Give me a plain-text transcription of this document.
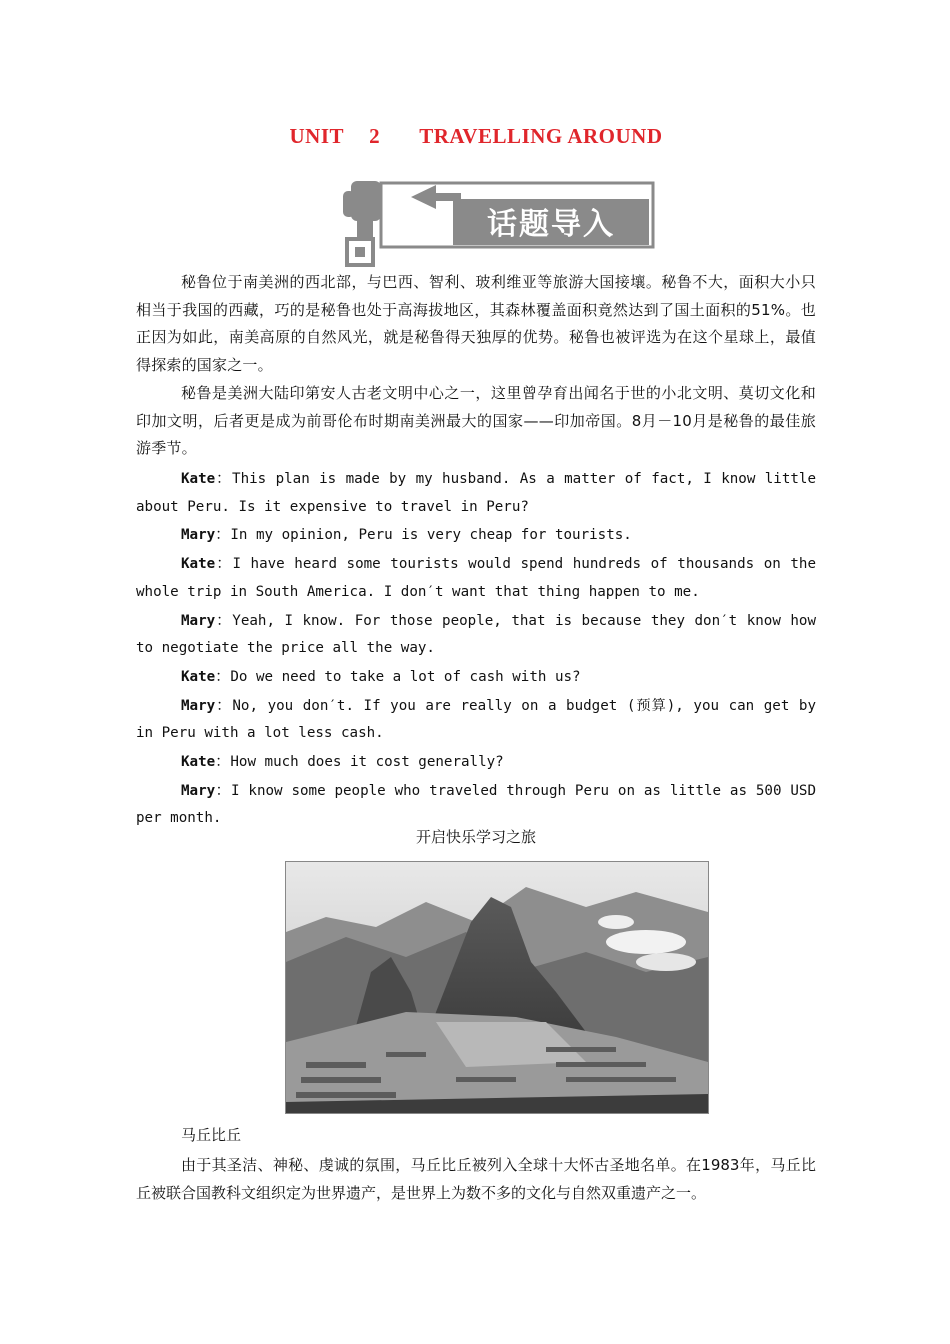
UNIT 2 TRAVELLING AROUND
话题导入

秘鲁位于南美洲的西北部，与巴西、智利、玻利维亚等旅游大国接壤。秘鲁不大，面积大小只相当于我国的西藏，巧的是秘鲁也处于高海拔地区，其森林覆盖面积竟然达到了国土面积的51%。也正因为如此，南美高原的自然风光，就是秘鲁得天独厚的优势。秘鲁也被评选为在这个星球上，最值得探索的国家之一。

秘鲁是美洲大陆印第安人古老文明中心之一，这里曾孕育出闻名于世的小北文明、莫切文化和印加文明，后者更是成为前哥伦布时期南美洲最大的国家——印加帝国。8月－10月是秘鲁的最佳旅游季节。

Kate：This plan is made by my husband. As a matter of fact, I know little about Peru. Is it expensive to travel in Peru?

Mary：In my opinion, Peru is very cheap for tourists.

Kate：I have heard some tourists would spend hundreds of thousands on the whole trip in South America. I don′t want that thing happen to me.

Mary：Yeah, I know. For those people, that is because they don′t know how to negotiate the price all the way.

Kate：Do we need to take a lot of cash with us?

Mary：No, you don′t. If you are really on a budget (预算), you can get by in Peru with a lot less cash.

Kate：How much does it cost generally?

Mary：I know some people who traveled through Peru on as little as 500 USD per month.

开启快乐学习之旅
马丘比丘

由于其圣洁、神秘、虔诚的氛围，马丘比丘被列入全球十大怀古圣地名单。在1983年，马丘比丘被联合国教科文组织定为世界遗产，是世界上为数不多的文化与自然双重遗产之一。
